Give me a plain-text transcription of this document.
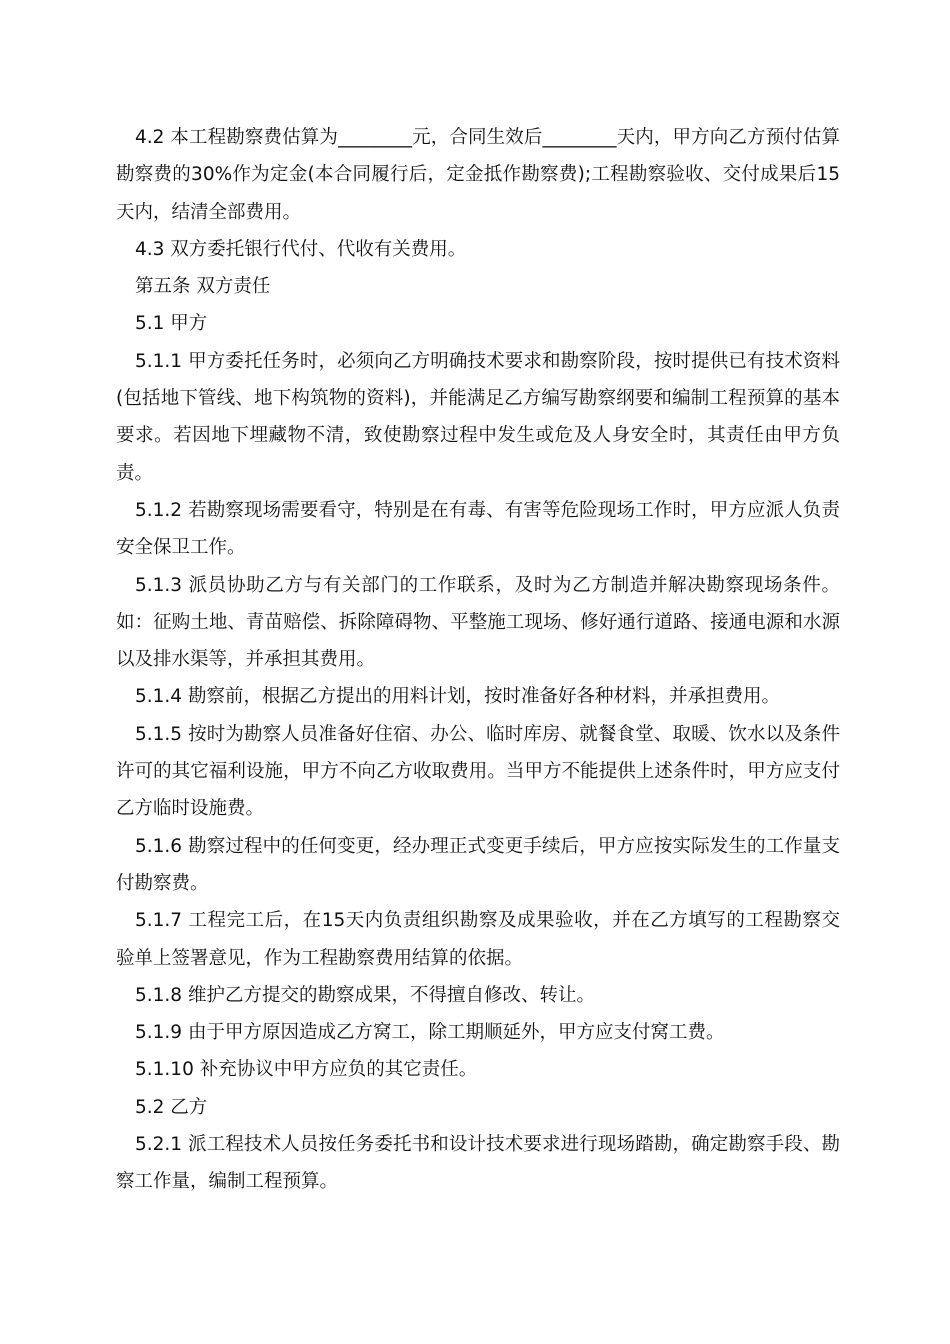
4.2 本工程勘察费估算为________元，合同生效后________天内，甲方向乙方预付估算勘察费的30%作为定金(本合同履行后，定金抵作勘察费);工程勘察验收、交付成果后15天内，结清全部费用。

4.3 双方委托银行代付、代收有关费用。

第五条 双方责任

5.1 甲方

5.1.1 甲方委托任务时，必须向乙方明确技术要求和勘察阶段，按时提供已有技术资料(包括地下管线、地下构筑物的资料)，并能满足乙方编写勘察纲要和编制工程预算的基本要求。若因地下埋藏物不清，致使勘察过程中发生或危及人身安全时，其责任由甲方负责。

5.1.2 若勘察现场需要看守，特别是在有毒、有害等危险现场工作时，甲方应派人负责安全保卫工作。

5.1.3 派员协助乙方与有关部门的工作联系，及时为乙方制造并解决勘察现场条件。如：征购土地、青苗赔偿、拆除障碍物、平整施工现场、修好通行道路、接通电源和水源以及排水渠等，并承担其费用。

5.1.4 勘察前，根据乙方提出的用料计划，按时准备好各种材料，并承担费用。

5.1.5 按时为勘察人员准备好住宿、办公、临时库房、就餐食堂、取暖、饮水以及条件许可的其它福利设施，甲方不向乙方收取费用。当甲方不能提供上述条件时，甲方应支付乙方临时设施费。

5.1.6 勘察过程中的任何变更，经办理正式变更手续后，甲方应按实际发生的工作量支付勘察费。

5.1.7 工程完工后，在15天内负责组织勘察及成果验收，并在乙方填写的工程勘察交验单上签署意见，作为工程勘察费用结算的依据。

5.1.8 维护乙方提交的勘察成果，不得擅自修改、转让。

5.1.9 由于甲方原因造成乙方窝工，除工期顺延外，甲方应支付窝工费。

5.1.10 补充协议中甲方应负的其它责任。

5.2 乙方

5.2.1 派工程技术人员按任务委托书和设计技术要求进行现场踏勘，确定勘察手段、勘察工作量，编制工程预算。
